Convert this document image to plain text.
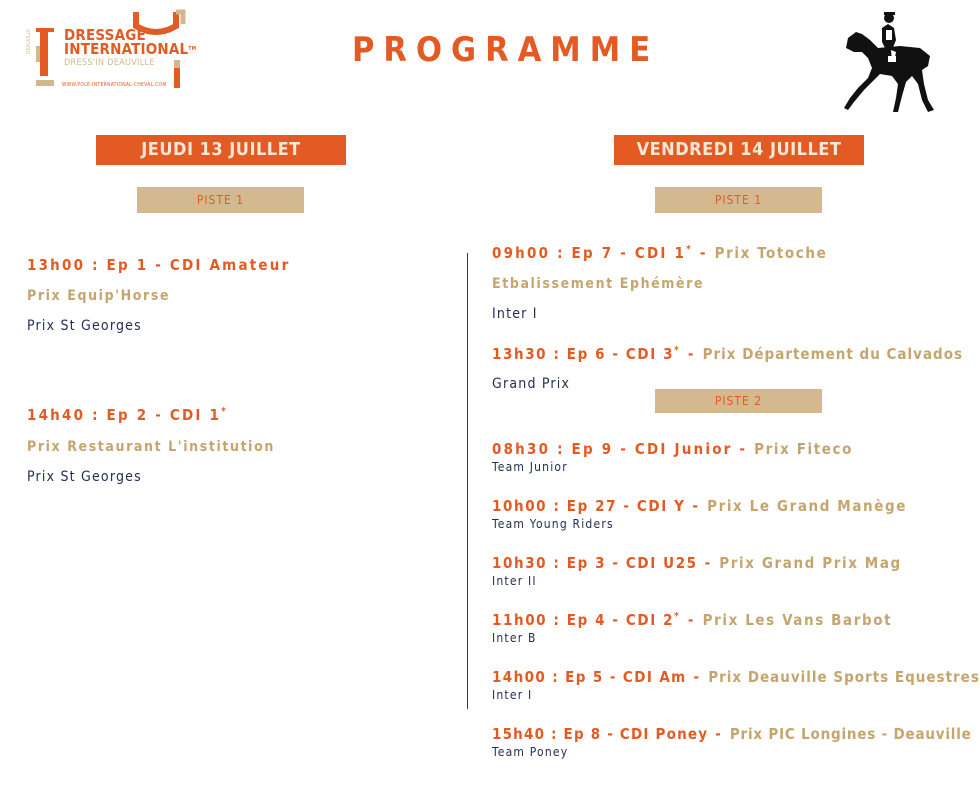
DRESSAGE
INTERNATIONAL™
DRESS'IN DEAUVILLE
WWW.POLE-INTERNATIONAL-CHEVAL.COM
DEAUVILLE	PROGRAMME
JEUDI 13 JUILLET
PISTE 1
13h00 : Ep 1 - CDI Amateur
Prix Equip'Horse
Prix St Georges
14h40 : Ep 2 - CDI 1*
Prix Restaurant L'institution
Prix St Georges
VENDREDI 14 JUILLET
PISTE 1
09h00 : Ep 7 - CDI 1* - Prix Totoche
Etbalissement Ephémère
Inter I
13h30 : Ep 6 - CDI 3* - Prix Département du Calvados
Grand Prix
PISTE 2
08h30 : Ep 9 - CDI Junior - Prix Fiteco
Team Junior
10h00 : Ep 27 - CDI Y - Prix Le Grand Manège
Team Young Riders
10h30 : Ep 3 - CDI U25 - Prix Grand Prix Mag
Inter II
11h00 : Ep 4 - CDI 2* - Prix Les Vans Barbot
Inter B
14h00 : Ep 5 - CDI Am - Prix Deauville Sports Equestres
Inter I
15h40 : Ep 8 - CDI Poney - Prix PIC Longines - Deauville
Team Poney
